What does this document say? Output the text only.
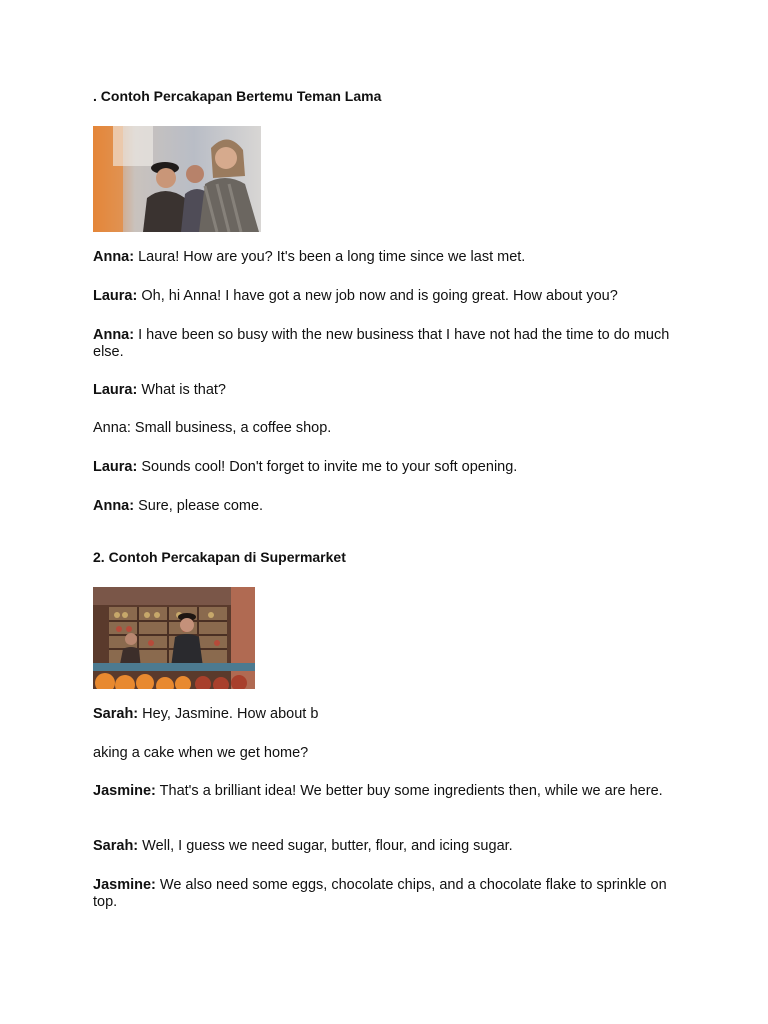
. Contoh Percakapan Bertemu Teman Lama
Anna: Laura! How are you? It's been a long time since we last met.
Laura: Oh, hi Anna! I have got a new job now and is going great. How about you?
Anna: I have been so busy with the new business that I have not had the time to do much else.
Laura: What is that?
Anna: Small business, a coffee shop.
Laura: Sounds cool! Don't forget to invite me to your soft opening.
Anna: Sure, please come.
2. Contoh Percakapan di Supermarket
Sarah: Hey, Jasmine. How about b
aking a cake when we get home?
Jasmine: That's a brilliant idea! We better buy some ingredients then, while we are here.
Sarah: Well, I guess we need sugar, butter, flour, and icing sugar.
Jasmine: We also need some eggs, chocolate chips, and a chocolate flake to sprinkle on top.
